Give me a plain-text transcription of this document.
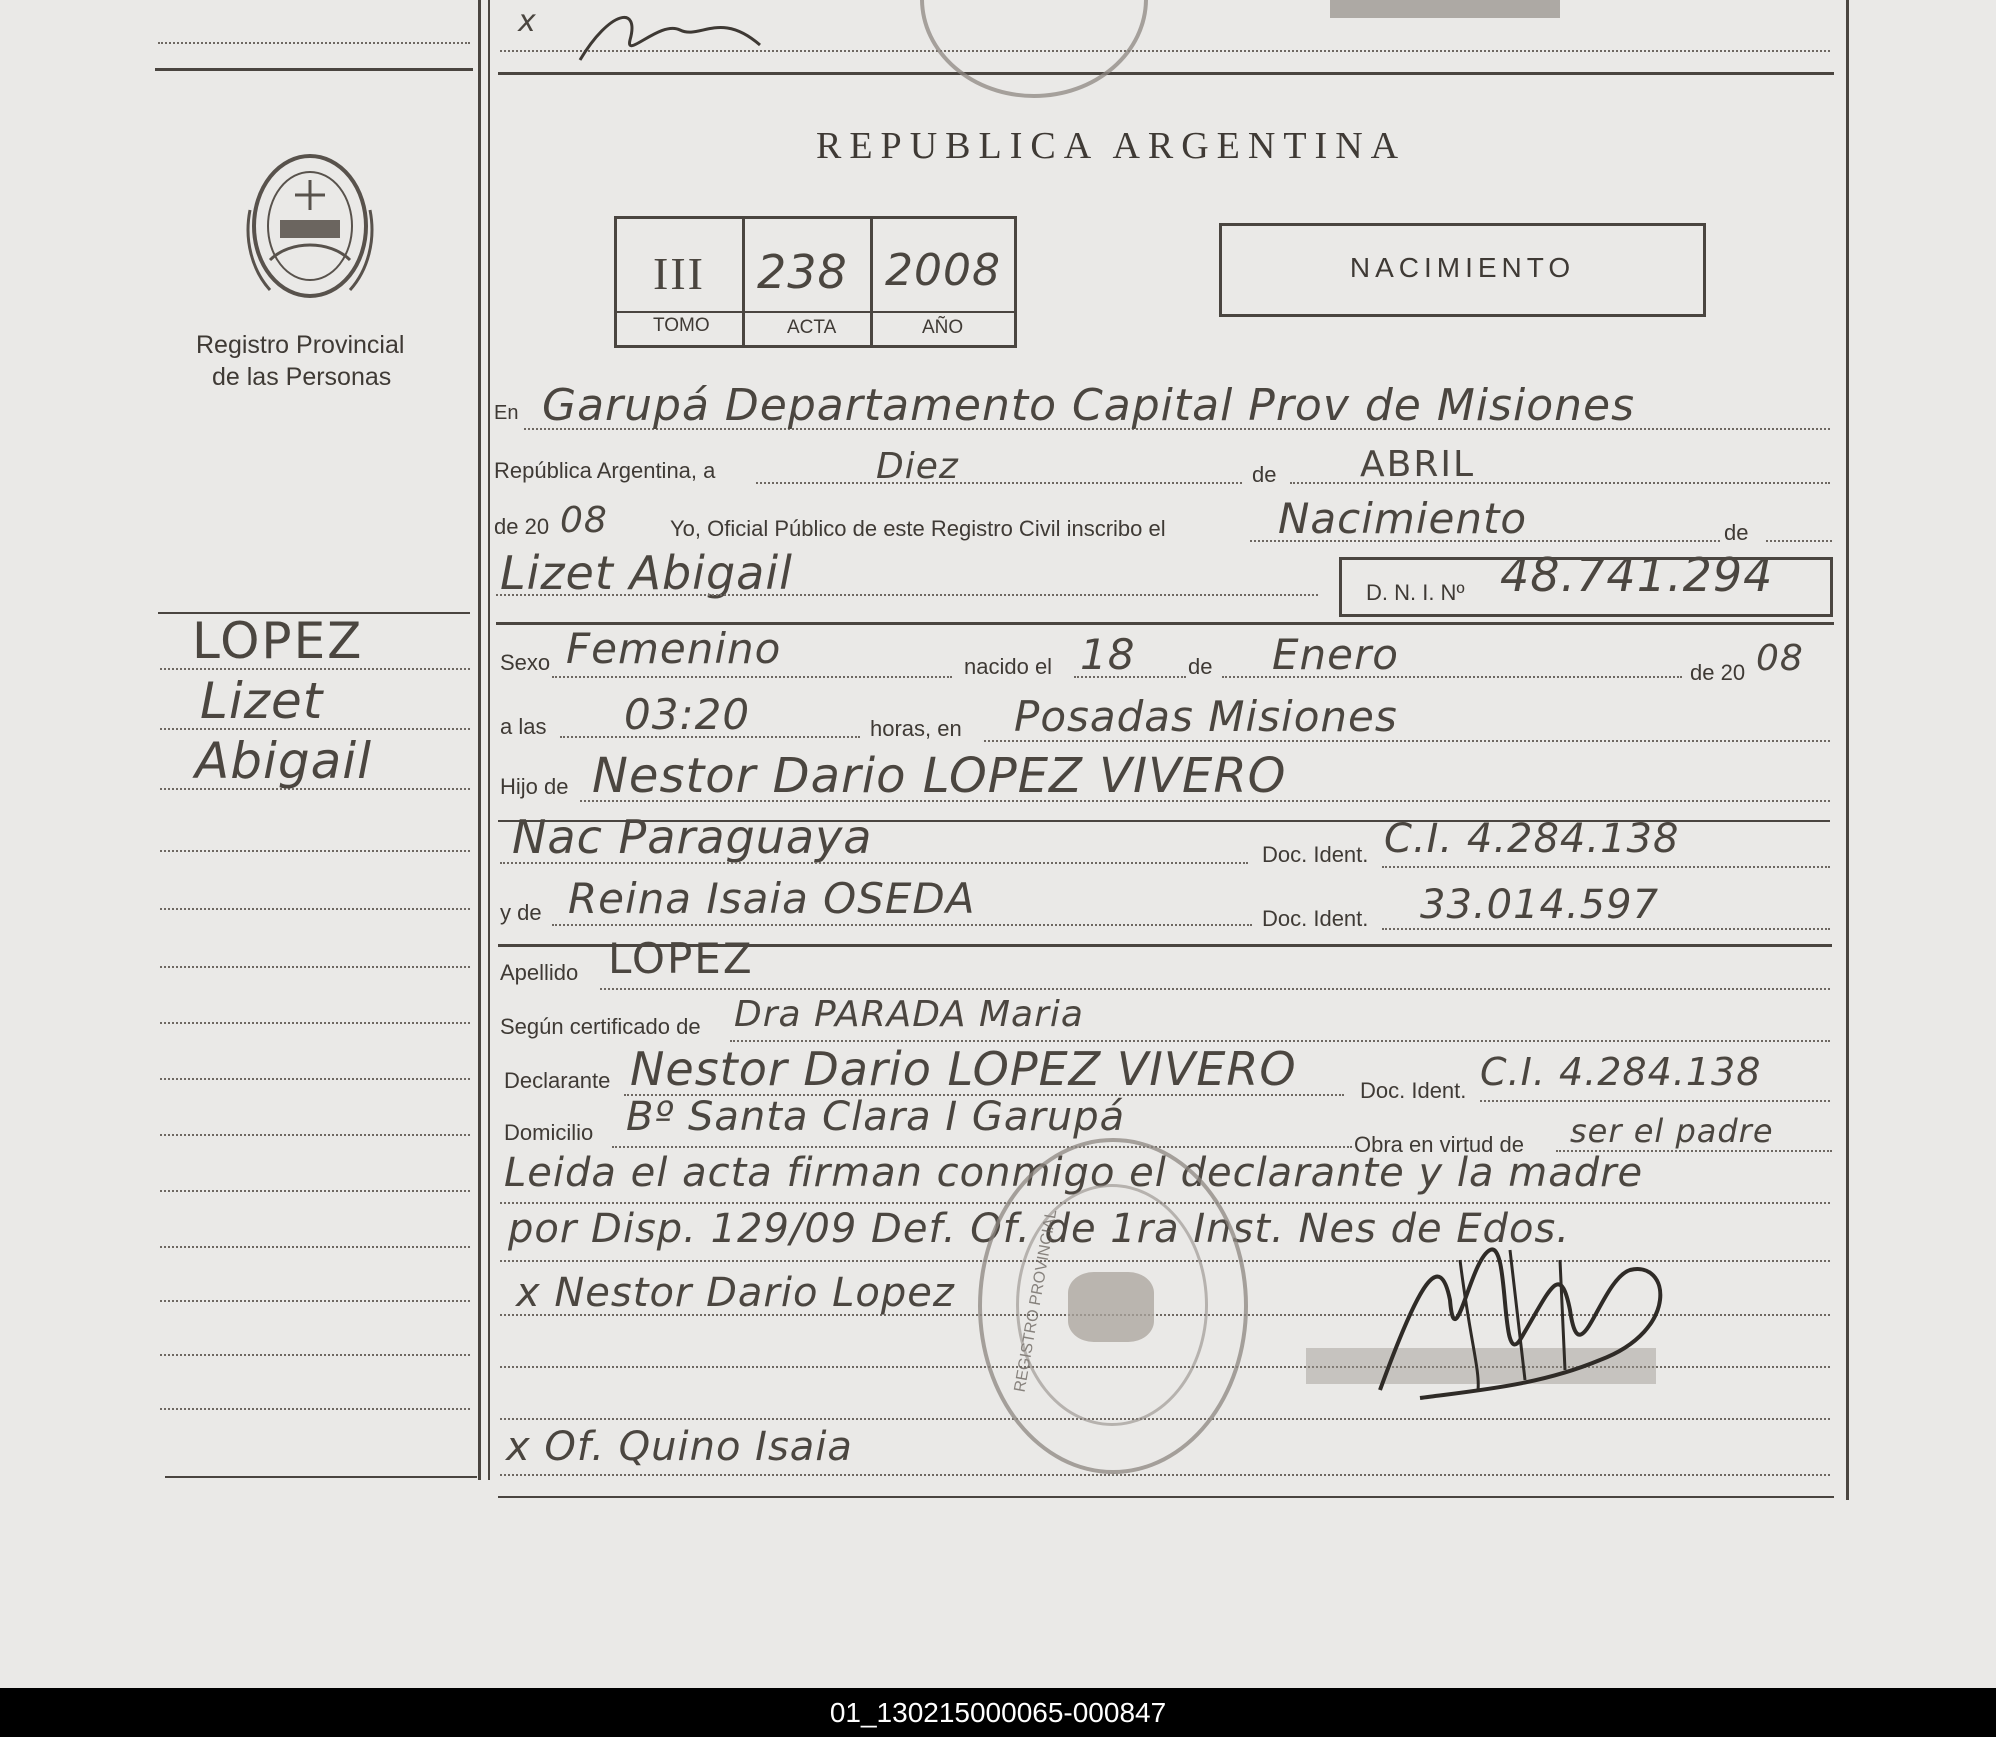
x
Registro Provincial
de las Personas
LOPEZ
Lizet
Abigail
REPUBLICA ARGENTINA
III 238 2008
TOMO	ACTA	AÑO
NACIMIENTO
En Garupá Departamento Capital Prov de Misiones
República Argentina, a	Diez	de ABRIL
de 20 08	Yo, Oficial Público de este Registro Civil inscribo el	Nacimiento	de
Lizet Abigail	D. N. I. Nº 48.741.294
Sexo Femenino	nacido el 18 de Enero	de 20 08
a las 03:20	horas, en Posadas Misiones
Hijo de Nestor Dario LOPEZ VIVERO
Nac Paraguaya	Doc. Ident. C.I. 4.284.138
y de Reina Isaia OSEDA	Doc. Ident. 33.014.597
Apellido LOPEZ
Según certificado de Dra PARADA Maria
Declarante Nestor Dario LOPEZ VIVERO	Doc. Ident. C.I. 4.284.138
Domicilio Bº Santa Clara I Garupá
Obra en virtud de ser el padre
Leida el acta firman conmigo el declarante y la madre
por Disp. 129/09 Def. Of. de 1ra Inst. Nes de Edos.
x Nestor Dario Lopez
x Of. Quino Isaia
REGISTRO PROVINCIAL
01_130215000065-000847
